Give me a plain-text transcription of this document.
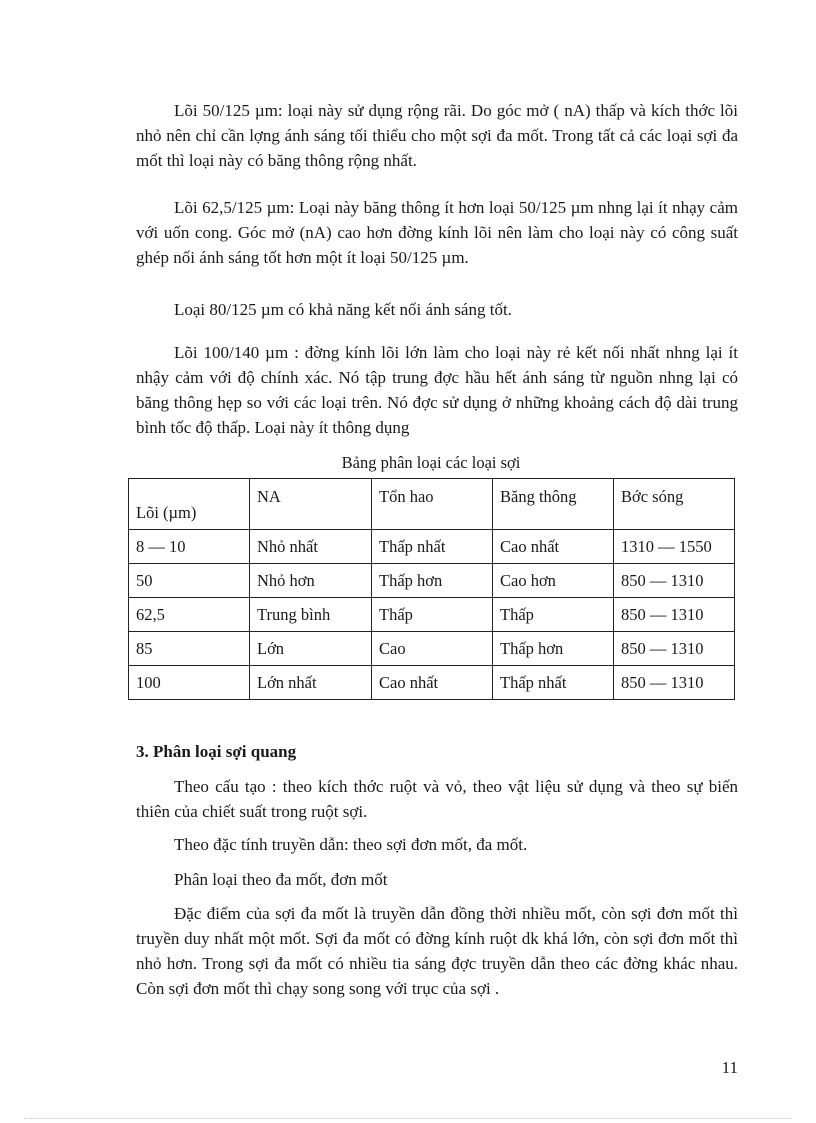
Lõi 50/125 µm: loại này sử dụng rộng rãi. Do góc mở ( nA) thấp và kích thớc lõi nhỏ nên chỉ cần lợng ánh sáng tối thiểu cho một sợi đa mốt. Trong tất cả các loại sợi đa mốt thì loại này có băng thông rộng nhất.

Lõi 62,5/125 µm: Loại này băng thông ít hơn loại 50/125 µm nhng lại ít nhạy cảm với uốn cong. Góc mở (nA) cao hơn đờng kính lõi nên làm cho loại này có công suất ghép nối ánh sáng tốt hơn một ít loại 50/125 µm.

Loại 80/125 µm có khả năng kết nối ánh sáng tốt.

Lõi 100/140 µm : đờng kính lõi lớn làm cho loại này rẻ kết nối nhất nhng lại ít nhậy cảm với độ chính xác. Nó tập trung đợc hầu hết ánh sáng từ nguồn nhng lại có băng thông hẹp so với các loại trên. Nó đợc sử dụng ở những khoảng cách độ dài trung bình tốc độ thấp. Loại này ít thông dụng

Bảng phân loại các loại sợi

Lõi (µm)	NA	Tổn hao	Băng thông	Bớc sóng
8 — 10	Nhỏ nhất	Thấp nhất	Cao nhất	1310 — 1550
50	Nhỏ hơn	Thấp hơn	Cao hơn	850 — 1310
62,5	Trung bình	Thấp	Thấp	850 — 1310
85	Lớn	Cao	Thấp hơn	850 — 1310
100	Lớn nhất	Cao nhất	Thấp nhất	850 — 1310

3. Phân loại sợi quang

Theo cấu tạo : theo kích thớc ruột và vỏ, theo vật liệu sử dụng và theo sự biến thiên của chiết suất trong ruột sợi.

Theo đặc tính truyền dẫn: theo sợi đơn mốt, đa mốt.

Phân loại theo đa mốt, đơn mốt

Đặc điểm của sợi đa mốt là truyền dẫn đồng thời nhiều mốt, còn sợi đơn mốt thì truyền duy nhất một mốt. Sợi đa mốt có đờng kính ruột dk khá lớn, còn sợi đơn mốt thì nhỏ hơn. Trong sợi đa mốt có nhiều tia sáng đợc truyền dẫn theo các đờng khác nhau. Còn sợi đơn mốt thì chạy song song với trục của sợi .

11
